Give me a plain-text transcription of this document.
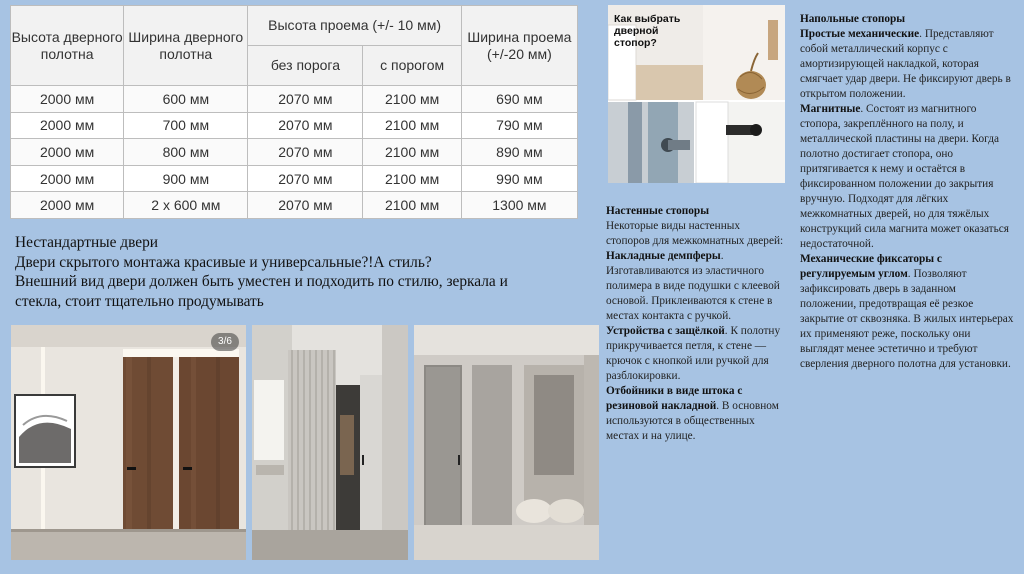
Высота дверного полотна	Ширина дверного полотна	Высота проема (+/- 10 мм)		Ширина проема (+/-20 мм)
		без порога	с порогом	
2000 мм	600 мм	2070 мм	2100 мм	690 мм
2000 мм	700 мм	2070 мм	2100 мм	790 мм
2000 мм	800 мм	2070 мм	2100 мм	890 мм
2000 мм	900 мм	2070 мм	2100 мм	990 мм
2000 мм	2 x 600 мм	2070 мм	2100 мм	1300 мм
Нестандартные двери
Двери скрытого монтажа красивые и универсальные?!А стиль?
Внешний вид двери должен быть уместен и подходить по стилю, зеркала и
стекла, стоит тщательно продумывать
3/6
Как выбрать дверной стопор?

Настенные стопоры

Некоторые виды настенных стопоров для межкомнатных дверей:

Накладные демпферы. Изготавливаются из эластичного полимера в виде подушки с клеевой основой. Приклеиваются к стене в местах контакта с ручкой.

Устройства с защёлкой. К полотну прикручивается петля, к стене — крючок с кнопкой или ручкой для разблокировки.

Отбойники в виде штока с резиновой накладной. В основном используются в общественных местах и на улице.

Напольные стопоры

Простые механические. Представляют собой металлический корпус с амортизирующей накладкой, которая смягчает удар двери. Не фиксируют дверь в открытом положении.

Магнитные. Состоят из магнитного стопора, закреплённого на полу, и металлической пластины на двери. Когда полотно достигает стопора, оно притягивается к нему и остаётся в фиксированном положении до закрытия вручную. Подходят для лёгких межкомнатных дверей, но для тяжёлых конструкций сила магнита может оказаться недостаточной.

Механические фиксаторы с регулируемым углом. Позволяют зафиксировать дверь в заданном положении, предотвращая её резкое закрытие от сквозняка. В жилых интерьерах их применяют реже, поскольку они выглядят менее эстетично и требуют сверления дверного полотна для установки.
